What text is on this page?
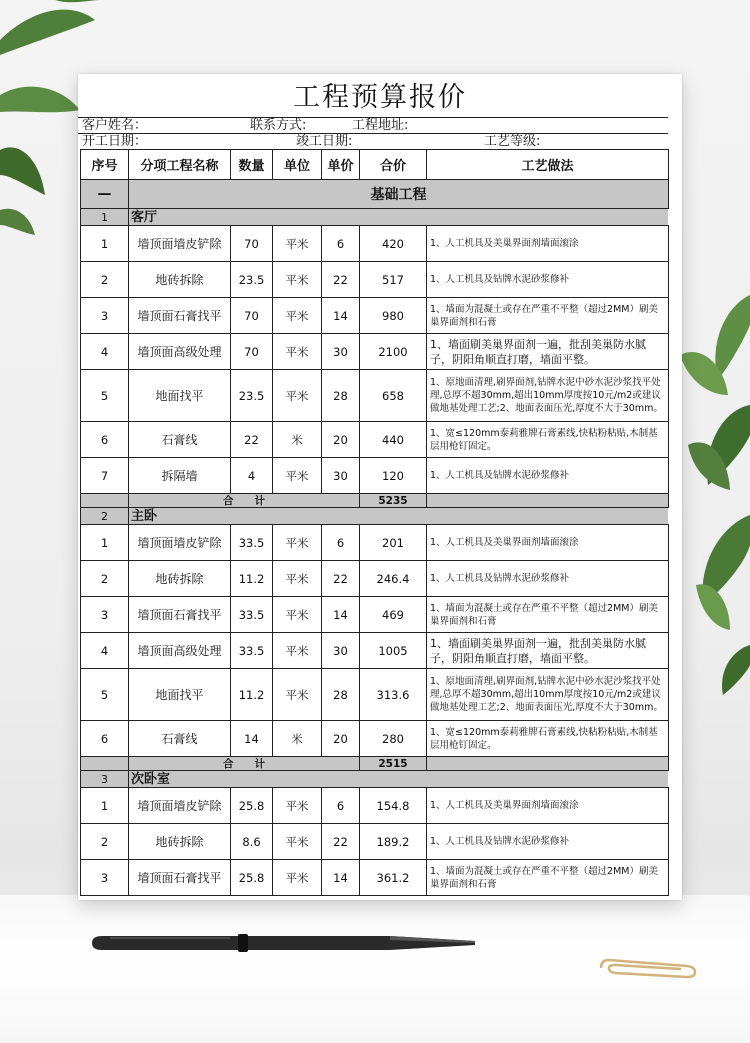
工程预算报价
客户姓名：	联系方式:	工程地址:
开工日期：	竣工日期:	工艺等级:
序号	分项工程名称	数量	单位	单价	合价	工艺做法
—	基础工程					
1	客厅					
1	墙顶面墙皮铲除	70	平米	6	420	1、人工机具及美巢界面剂墙面滚涂
2	地砖拆除	23.5	平米	22	517	1、人工机具及钻牌水泥砂浆修补
3	墙顶面石膏找平	70	平米	14	980	1、墙面为混凝土或存在严重不平整（超过2MM）刷美巢界面剂和石膏
4	墙顶面高级处理	70	平米	30	2100	1、墙面刷美巢界面剂一遍，批刮美巢防水腻子，阴阳角顺直打磨，墙面平整。
5	地面找平	23.5	平米	28	658	1、原地面清理,刷界面剂,钻牌水泥中砂水泥沙浆找平处理,总厚不超30mm,超出10mm厚度按10元/m2或建议做地基处理工艺;2、地面表面压光,厚度不大于30mm。
6	石膏线	22	米	20	440	1、宽≤120mm泰莉雅牌石膏素线,快粘粉粘贴,木制基层用枪钉固定。
7	拆隔墙	4	平米	30	120	1、人工机具及钻牌水泥砂浆修补
	合　　计				5235	
2	主卧					
1	墙顶面墙皮铲除	33.5	平米	6	201	1、人工机具及美巢界面剂墙面滚涂
2	地砖拆除	11.2	平米	22	246.4	1、人工机具及钻牌水泥砂浆修补
3	墙顶面石膏找平	33.5	平米	14	469	1、墙面为混凝土或存在严重不平整（超过2MM）刷美巢界面剂和石膏
4	墙顶面高级处理	33.5	平米	30	1005	1、墙面刷美巢界面剂一遍，批刮美巢防水腻子，阴阳角顺直打磨，墙面平整。
5	地面找平	11.2	平米	28	313.6	1、原地面清理,刷界面剂,钻牌水泥中砂水泥沙浆找平处理,总厚不超30mm,超出10mm厚度按10元/m2或建议做地基处理工艺;2、地面表面压光,厚度不大于30mm。
6	石膏线	14	米	20	280	1、宽≤120mm泰莉雅牌石膏素线,快粘粉粘贴,木制基层用枪钉固定。
	合　　计				2515	
3	次卧室					
1	墙顶面墙皮铲除	25.8	平米	6	154.8	1、人工机具及美巢界面剂墙面滚涂
2	地砖拆除	8.6	平米	22	189.2	1、人工机具及钻牌水泥砂浆修补
3	墙顶面石膏找平	25.8	平米	14	361.2	1、墙面为混凝土或存在严重不平整（超过2MM）刷美巢界面剂和石膏
